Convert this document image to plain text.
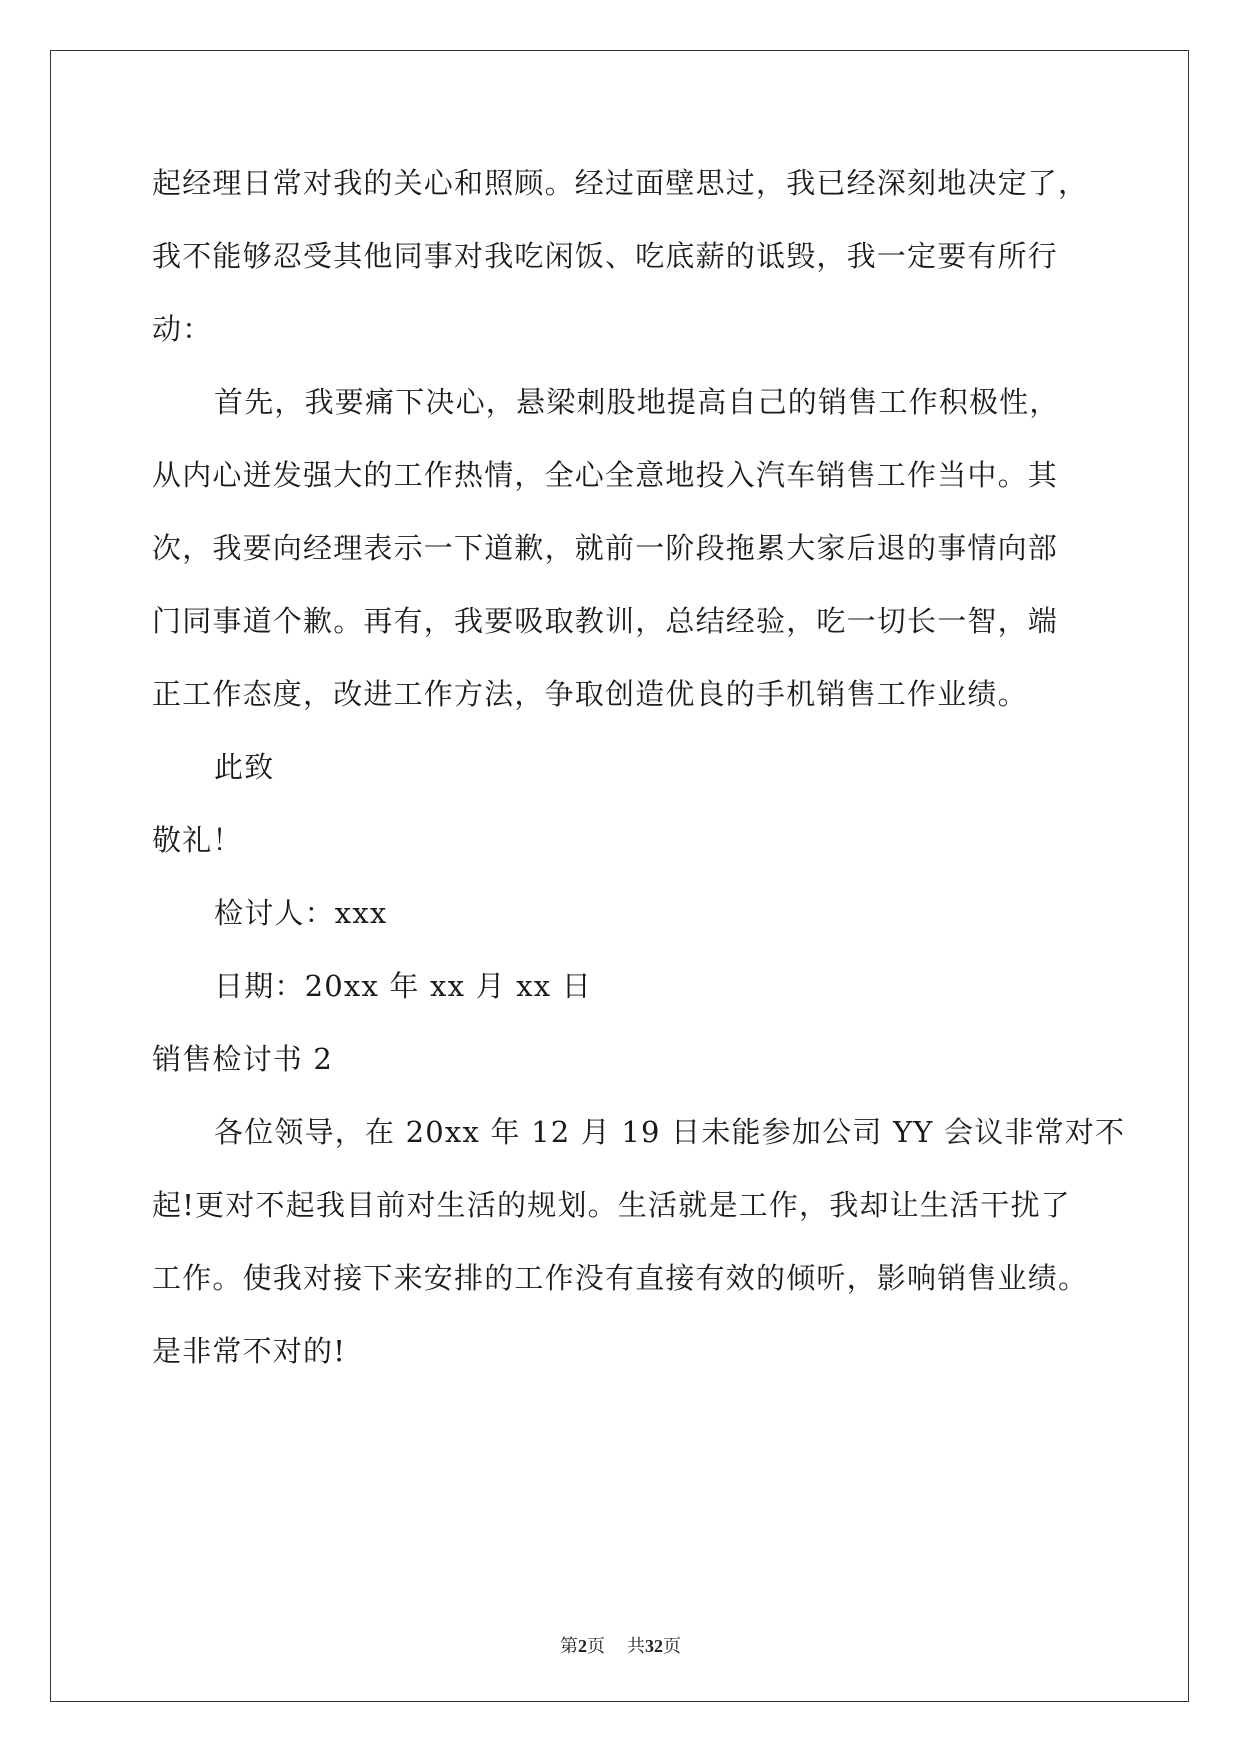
起经理日常对我的关心和照顾。经过面壁思过，我已经深刻地决定了，
我不能够忍受其他同事对我吃闲饭、吃底薪的诋毁，我一定要有所行
动：
首先，我要痛下决心，悬梁刺股地提高自己的销售工作积极性，
从内心迸发强大的工作热情，全心全意地投入汽车销售工作当中。其
次，我要向经理表示一下道歉，就前一阶段拖累大家后退的事情向部
门同事道个歉。再有，我要吸取教训，总结经验，吃一切长一智，端
正工作态度，改进工作方法，争取创造优良的手机销售工作业绩。
此致
敬礼！
检讨人：xxx
日期：20xx 年 xx 月 xx 日
销售检讨书 2
各位领导，在 20xx 年 12 月 19 日未能参加公司 YY 会议非常对不
起!更对不起我目前对生活的规划。生活就是工作，我却让生活干扰了
工作。使我对接下来安排的工作没有直接有效的倾听，影响销售业绩。
是非常不对的!
第2页 共32页
